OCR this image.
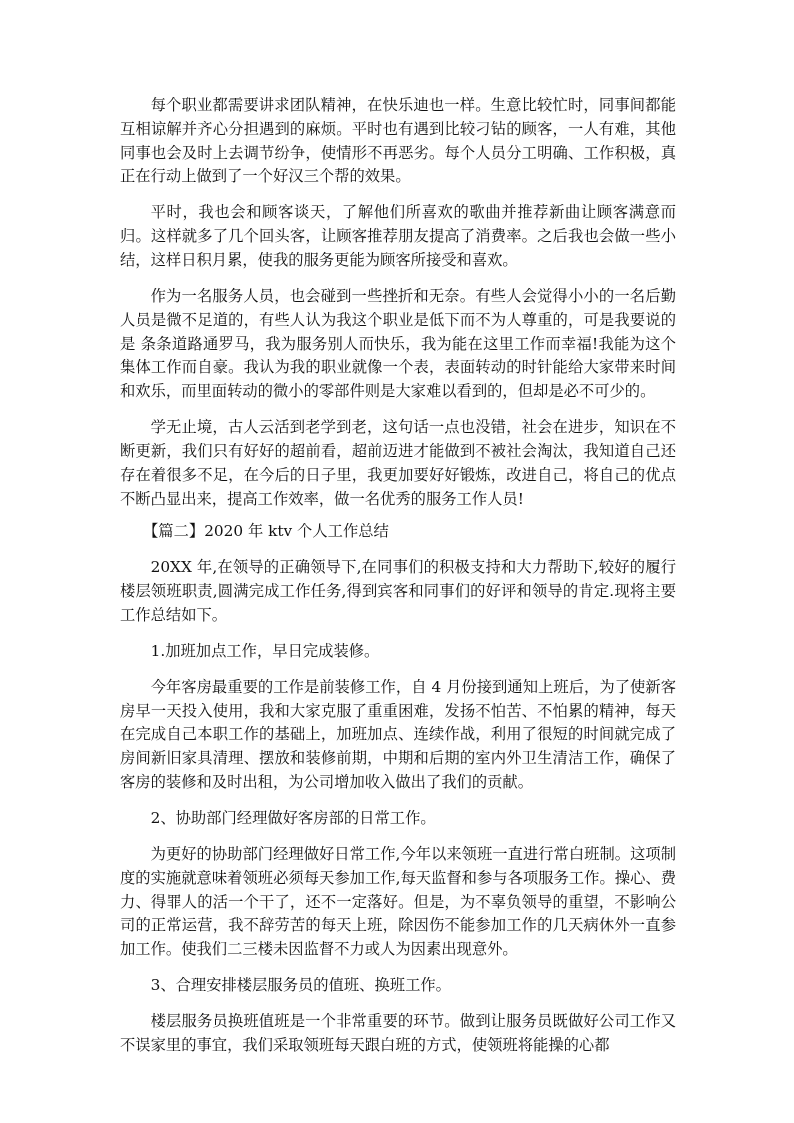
每个职业都需要讲求团队精神，在快乐迪也一样。生意比较忙时，同事间都能互相谅解并齐心分担遇到的麻烦。平时也有遇到比较刁钻的顾客，一人有难，其他同事也会及时上去调节纷争，使情形不再恶劣。每个人员分工明确、工作积极，真正在行动上做到了一个好汉三个帮的效果。

平时，我也会和顾客谈天，了解他们所喜欢的歌曲并推荐新曲让顾客满意而归。这样就多了几个回头客，让顾客推荐朋友提高了消费率。之后我也会做一些小结，这样日积月累，使我的服务更能为顾客所接受和喜欢。

作为一名服务人员，也会碰到一些挫折和无奈。有些人会觉得小小的一名后勤人员是微不足道的，有些人认为我这个职业是低下而不为人尊重的，可是我要说的是 条条道路通罗马，我为服务别人而快乐，我为能在这里工作而幸福!我能为这个集体工作而自豪。我认为我的职业就像一个表，表面转动的时针能给大家带来时间和欢乐，而里面转动的微小的零部件则是大家难以看到的，但却是必不可少的。

学无止境，古人云活到老学到老，这句话一点也没错，社会在进步，知识在不断更新，我们只有好好的超前看，超前迈进才能做到不被社会淘汰，我知道自己还存在着很多不足，在今后的日子里，我更加要好好锻炼，改进自己，将自己的优点不断凸显出来，提高工作效率，做一名优秀的服务工作人员!

【篇二】2020 年 ktv 个人工作总结

20XX 年,在领导的正确领导下,在同事们的积极支持和大力帮助下,较好的履行楼层领班职责,圆满完成工作任务,得到宾客和同事们的好评和领导的肯定.现将主要工作总结如下。

1.加班加点工作，早日完成装修。

今年客房最重要的工作是前装修工作，自 4 月份接到通知上班后，为了使新客房早一天投入使用，我和大家克服了重重困难，发扬不怕苦、不怕累的精神，每天在完成自己本职工作的基础上，加班加点、连续作战，利用了很短的时间就完成了房间新旧家具清理、摆放和装修前期，中期和后期的室内外卫生清洁工作，确保了客房的装修和及时出租，为公司增加收入做出了我们的贡献。

2、协助部门经理做好客房部的日常工作。

为更好的协助部门经理做好日常工作,今年以来领班一直进行常白班制。这项制度的实施就意味着领班必须每天参加工作,每天监督和参与各项服务工作。操心、费力、得罪人的活一个干了，还不一定落好。但是，为不辜负领导的重望，不影响公司的正常运营，我不辞劳苦的每天上班，除因伤不能参加工作的几天病休外一直参加工作。使我们二三楼未因监督不力或人为因素出现意外。

3、合理安排楼层服务员的值班、换班工作。

楼层服务员换班值班是一个非常重要的环节。做到让服务员既做好公司工作又不误家里的事宜，我们采取领班每天跟白班的方式，使领班将能操的心都
